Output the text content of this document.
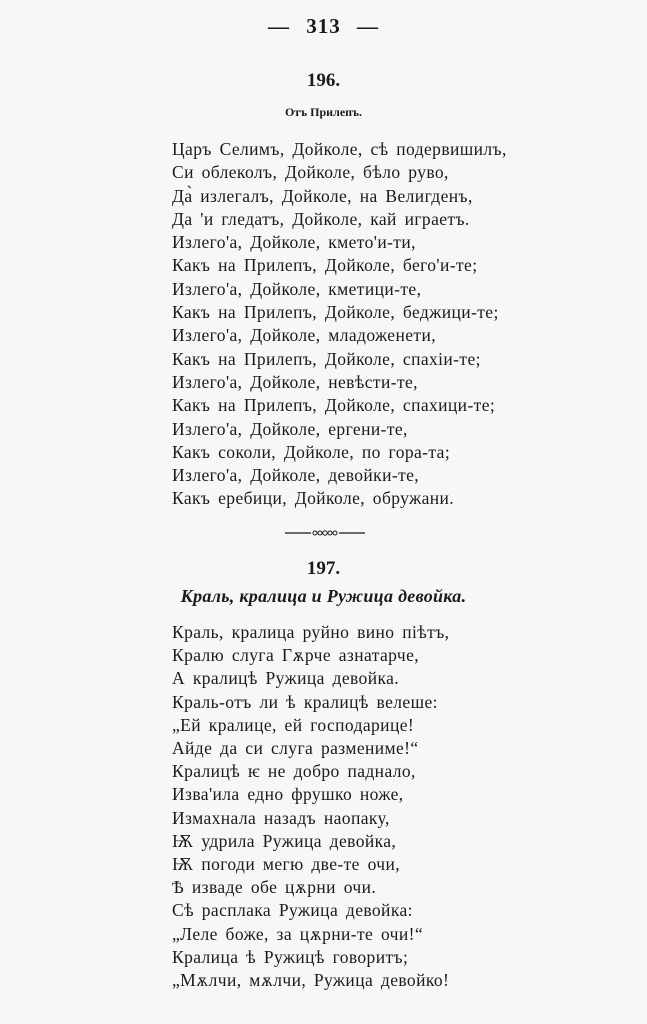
— 313 —
196.
Отъ Прилепъ.
Царъ Селимъ, Дойколе, сѣ подервишилъ,
Си облеколъ, Дойколе, бѣло руво,
Да̀ излегалъ, Дойколе, на Велигденъ,
Да 'и гледатъ, Дойколе, кай играетъ.
Излего'а, Дойколе, кмето'и-ти,
Какъ на Прилепъ, Дойколе, бего'и-те;
Излего'а, Дойколе, кметици-те,
Какъ на Прилепъ, Дойколе, беджици-те;
Излего'а, Дойколе, младоженети,
Какъ на Прилепъ, Дойколе, спахiи-те;
Излего'а, Дойколе, невѣсти-те,
Какъ на Прилепъ, Дойколе, спахици-те;
Излего'а, Дойколе, ергени-те,
Какъ соколи, Дойколе, по гора-та;
Излего'а, Дойколе, девойки-те,
Какъ еребици, Дойколе, обружани.
197.
Краль, кралица и Ружица девойка.
Краль, кралица руйно вино пiѣтъ,
Кралю слуга Гѫрче азнатарче,
А кралицѣ Ружица девойка.
Краль-отъ ли ѣ кралицѣ велеше:
„Ей кралице, ей господарице!
Айде да си слуга размениме!“
Кралицѣ ѥ не добро паднало,
Изва'ила едно фрушко ноже,
Измахнала назадъ наопаку,
Ѭ удрила Ружица девойка,
Ѭ погоди мегю две-те очи,
Ѣ изваде обе цѫрни очи.
Сѣ расплака Ружица девойка:
„Леле боже, за цѫрни-те очи!“
Кралица ѣ Ружицѣ говоритъ;
„Мѫлчи, мѫлчи, Ружица девойко!
